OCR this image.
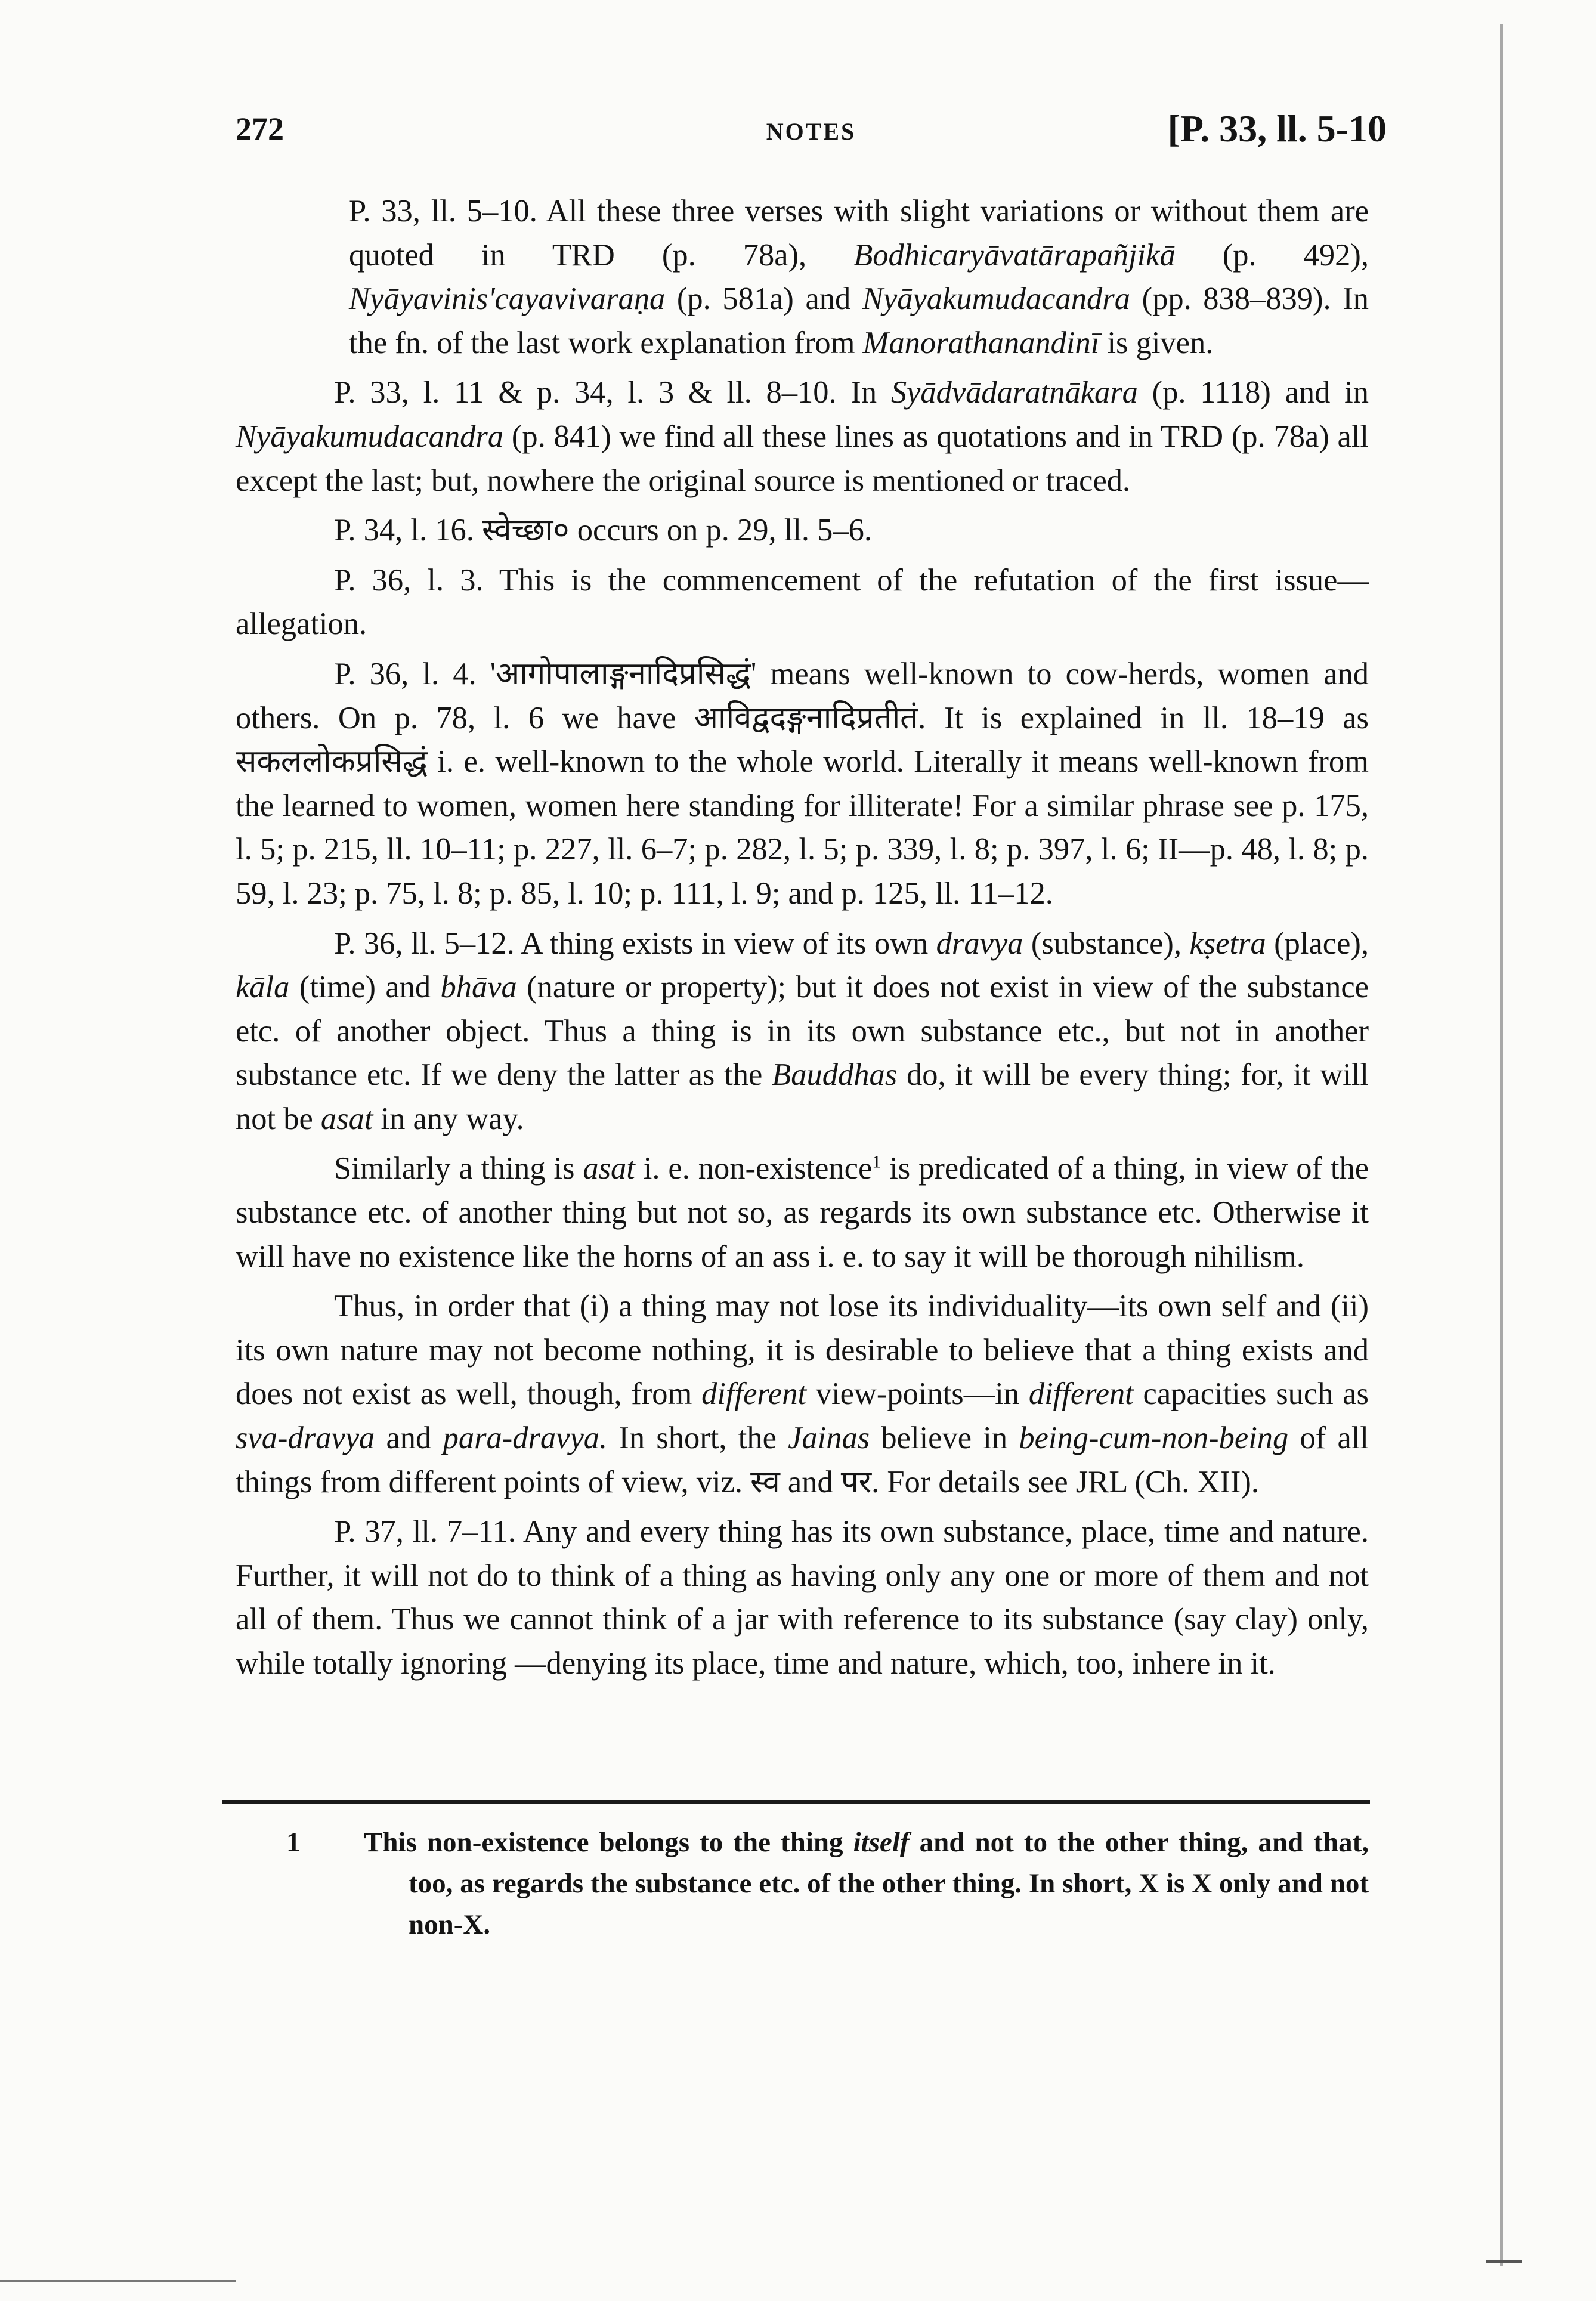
272	NOTES	[P. 33, ll. 5-10

P. 33, ll. 5–10. All these three verses with slight variations or without them are quoted in TRD (p. 78a), Bodhicaryāvatārapañjikā (p. 492), Nyāyavinis'cayavivaraṇa (p. 581a) and Nyāyakumudacandra (pp. 838–839). In the fn. of the last work explanation from Manorathanandinī is given.

P. 33, l. 11 & p. 34, l. 3 & ll. 8–10. In Syādvādaratnākara (p. 1118) and in Nyāyakumudacandra (p. 841) we find all these lines as quotations and in TRD (p. 78a) all except the last; but, nowhere the original source is mentioned or traced.

P. 34, l. 16. स्वेच्छा० occurs on p. 29, ll. 5–6.

P. 36, l. 3. This is the commencement of the refutation of the first issue—allegation.

P. 36, l. 4. 'आगोपालाङ्गनादिप्रसिद्धं' means well-known to cow-herds, women and others. On p. 78, l. 6 we have आविद्वदङ्गनादिप्रतीतं. It is explained in ll. 18–19 as सकललोकप्रसिद्धं i. e. well-known to the whole world. Literally it means well-known from the learned to women, women here standing for illiterate! For a similar phrase see p. 175, l. 5; p. 215, ll. 10–11; p. 227, ll. 6–7; p. 282, l. 5; p. 339, l. 8; p. 397, l. 6; II—p. 48, l. 8; p. 59, l. 23; p. 75, l. 8; p. 85, l. 10; p. 111, l. 9; and p. 125, ll. 11–12.

P. 36, ll. 5–12. A thing exists in view of its own dravya (substance), kṣetra (place), kāla (time) and bhāva (nature or property); but it does not exist in view of the substance etc. of another object. Thus a thing is in its own substance etc., but not in another substance etc. If we deny the latter as the Bauddhas do, it will be every thing; for, it will not be asat in any way.

Similarly a thing is asat i. e. non-existence$^1$ is predicated of a thing, in view of the substance etc. of another thing but not so, as regards its own substance etc. Otherwise it will have no existence like the horns of an ass i. e. to say it will be thorough nihilism.

Thus, in order that (i) a thing may not lose its individuality—its own self and (ii) its own nature may not become nothing, it is desirable to believe that a thing exists and does not exist as well, though, from different view-points—in different capacities such as sva-dravya and para-dravya. In short, the Jainas believe in being-cum-non-being of all things from different points of view, viz. स्व and पर. For details see JRL (Ch. XII).

P. 37, ll. 7–11. Any and every thing has its own substance, place, time and nature. Further, it will not do to think of a thing as having only any one or more of them and not all of them. Thus we cannot think of a jar with reference to its substance (say clay) only, while totally ignoring —denying its place, time and nature, which, too, inhere in it.

1 This non-existence belongs to the thing itself and not to the other thing, and that, too, as regards the substance etc. of the other thing. In short, X is X only and not non-X.
